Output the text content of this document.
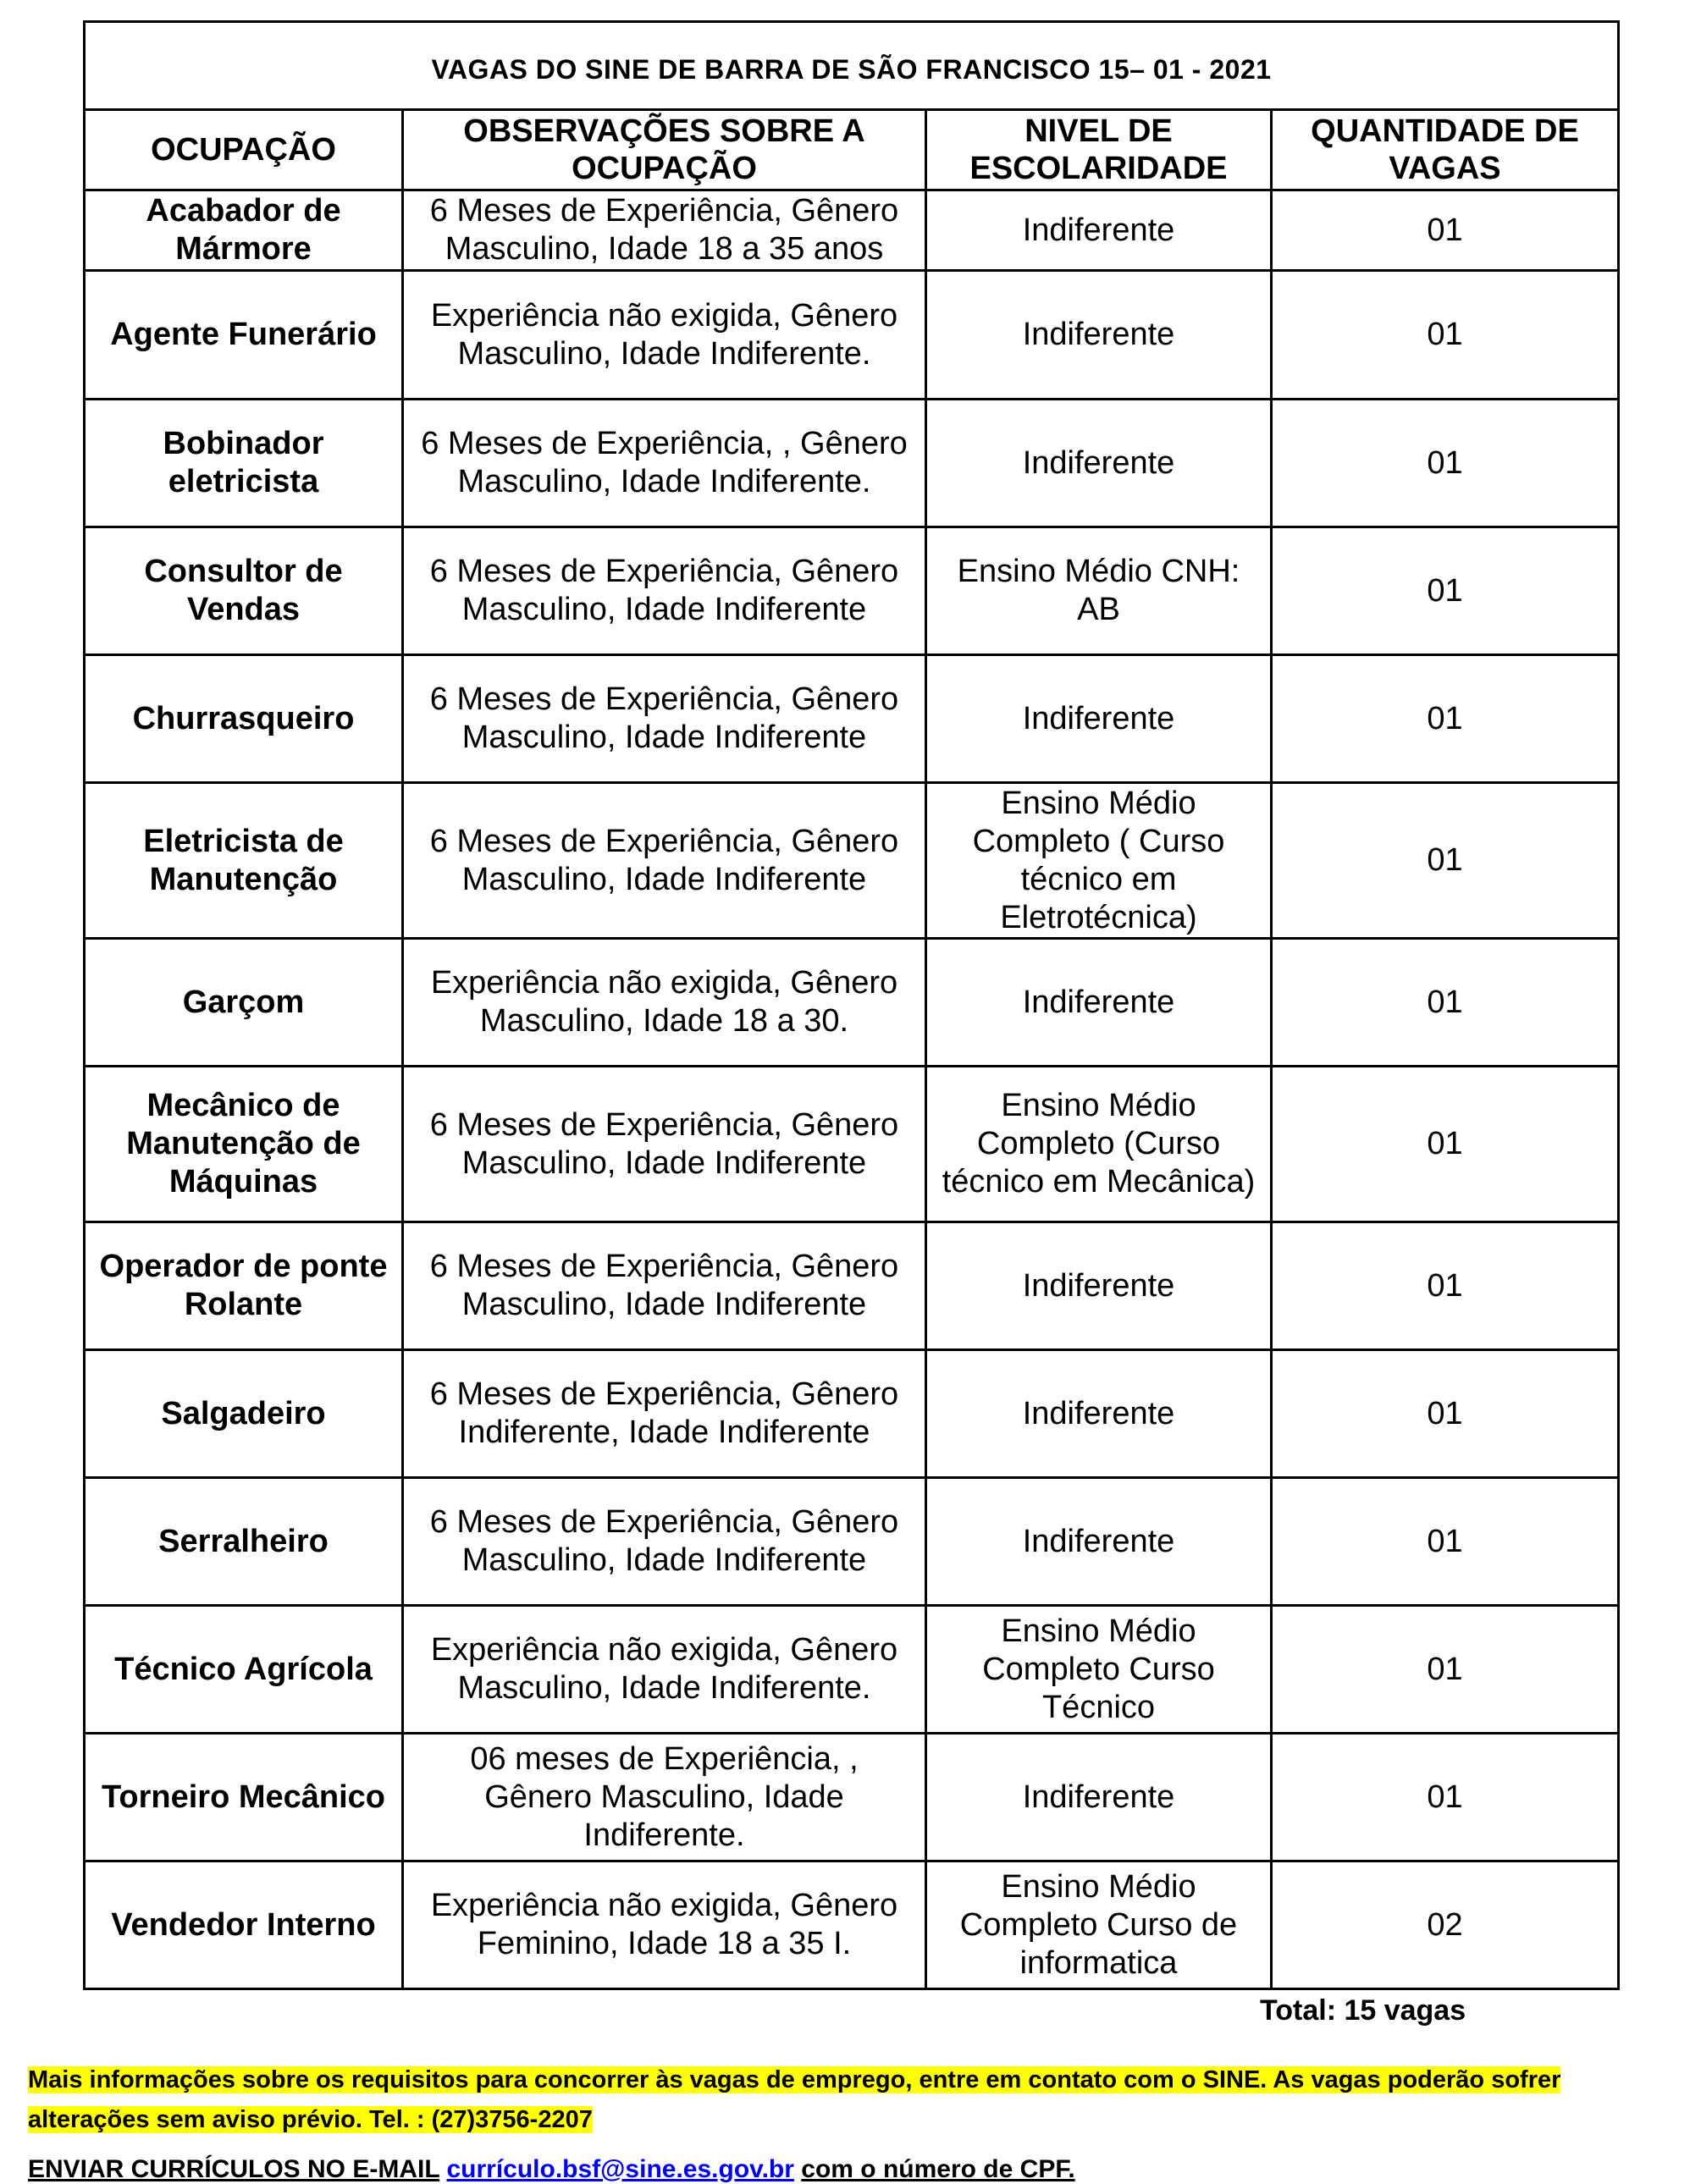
VAGAS DO SINE DE BARRA DE SÃO FRANCISCO 15– 01 - 2021			
OCUPAÇÃO	OBSERVAÇÕES SOBRE A OCUPAÇÃO	NIVEL DE ESCOLARIDADE	QUANTIDADE DE VAGAS
Acabador de Mármore	6 Meses de Experiência, Gênero Masculino, Idade 18 a 35 anos	Indiferente	01
Agente Funerário	Experiência não exigida, Gênero Masculino, Idade Indiferente.	Indiferente	01
Bobinador eletricista	6 Meses de Experiência, , Gênero Masculino, Idade Indiferente.	Indiferente	01
Consultor de Vendas	6 Meses de Experiência, Gênero Masculino, Idade Indiferente	Ensino Médio CNH: AB	01
Churrasqueiro	6 Meses de Experiência, Gênero Masculino, Idade Indiferente	Indiferente	01
Eletricista de Manutenção	6 Meses de Experiência, Gênero Masculino, Idade Indiferente	Ensino Médio Completo ( Curso técnico em Eletrotécnica)	01
Garçom	Experiência não exigida, Gênero Masculino, Idade 18 a 30.	Indiferente	01
Mecânico de Manutenção de Máquinas	6 Meses de Experiência, Gênero Masculino, Idade Indiferente	Ensino Médio Completo (Curso técnico em Mecânica)	01
Operador de ponte Rolante	6 Meses de Experiência, Gênero Masculino, Idade Indiferente	Indiferente	01
Salgadeiro	6 Meses de Experiência, Gênero Indiferente, Idade Indiferente	Indiferente	01
Serralheiro	6 Meses de Experiência, Gênero Masculino, Idade Indiferente	Indiferente	01
Técnico Agrícola	Experiência não exigida, Gênero Masculino, Idade Indiferente.	Ensino Médio Completo Curso Técnico	01
Torneiro Mecânico	06 meses de Experiência, , Gênero Masculino, Idade Indiferente.	Indiferente	01
Vendedor Interno	Experiência não exigida, Gênero Feminino, Idade 18 a 35 I.	Ensino Médio Completo Curso de informatica	02
Total: 15 vagas
Mais informações sobre os requisitos para concorrer às vagas de emprego, entre em contato com o SINE. As vagas poderão sofrer alterações sem aviso prévio. Tel. : (27)3756-2207
ENVIAR CURRÍCULOS NO E-MAIL currículo.bsf@sine.es.gov.br com o número de CPF.
